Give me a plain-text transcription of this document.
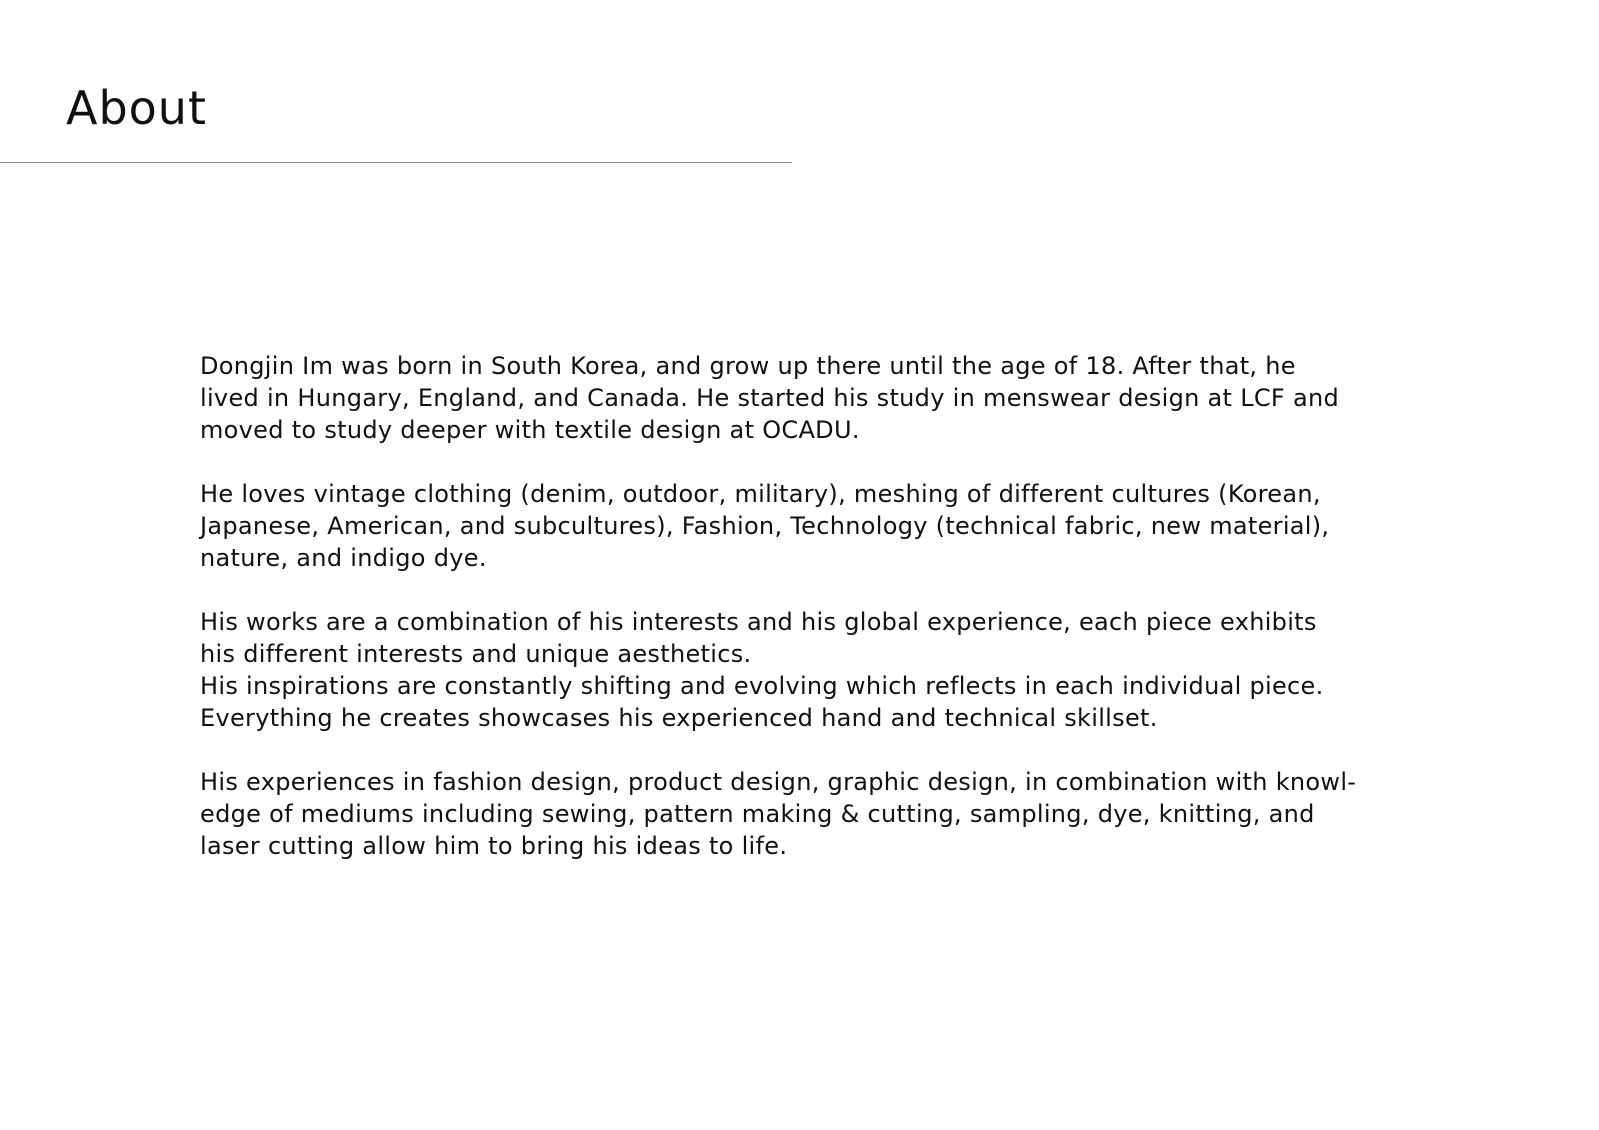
About

Dongjin Im was born in South Korea, and grow up there until the age of 18. After that, he
lived in Hungary, England, and Canada. He started his study in menswear design at LCF and
moved to study deeper with textile design at OCADU.

He loves vintage clothing (denim, outdoor, military), meshing of different cultures (Korean,
Japanese, American, and subcultures), Fashion, Technology (technical fabric, new material),
nature, and indigo dye.

His works are a combination of his interests and his global experience, each piece exhibits
his different interests and unique aesthetics.
His inspirations are constantly shifting and evolving which reflects in each individual piece.
Everything he creates showcases his experienced hand and technical skillset.

His experiences in fashion design, product design, graphic design, in combination with knowl-
edge of mediums including sewing, pattern making & cutting, sampling, dye, knitting, and
laser cutting allow him to bring his ideas to life.
